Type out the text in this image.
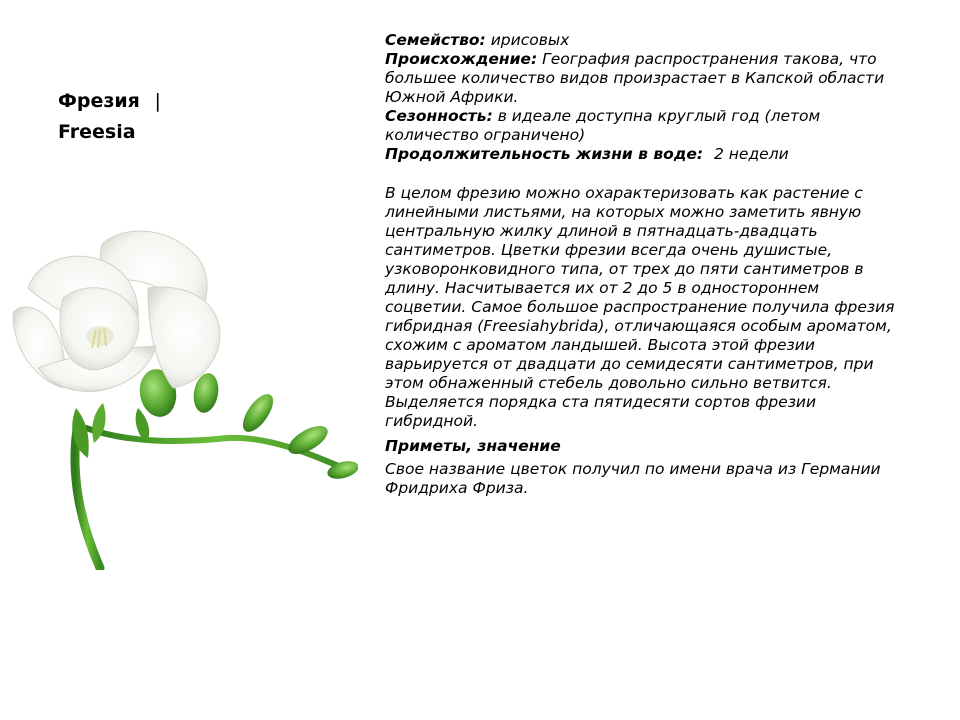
Фрезия |
Freesia

Семейство: ирисовых

Происхождение: География распространения такова, что большее количество видов произрастает в Капской области Южной Африки.

Сезонность: в идеале доступна круглый год (летом количество ограничено)

Продолжительность жизни в воде: 2 недели

В целом фрезию можно охарактеризовать как растение с линейными листьями, на которых можно заметить явную центральную жилку длиной в пятнадцать-двадцать сантиметров. Цветки фрезии всегда очень душистые, узковоронковидного типа, от трех до пяти сантиметров в длину. Насчитывается их от 2 до 5 в одностороннем соцветии. Самое большое распространение получила фрезия гибридная (Freesiahybrida), отличающаяся особым ароматом, схожим с ароматом ландышей. Высота этой фрезии варьируется от двадцати до семидесяти сантиметров, при этом обнаженный стебель довольно сильно ветвится. Выделяется порядка ста пятидесяти сортов фрезии гибридной.

Приметы, значение

Свое название цветок получил по имени врача из Германии Фридриха Фриза.
